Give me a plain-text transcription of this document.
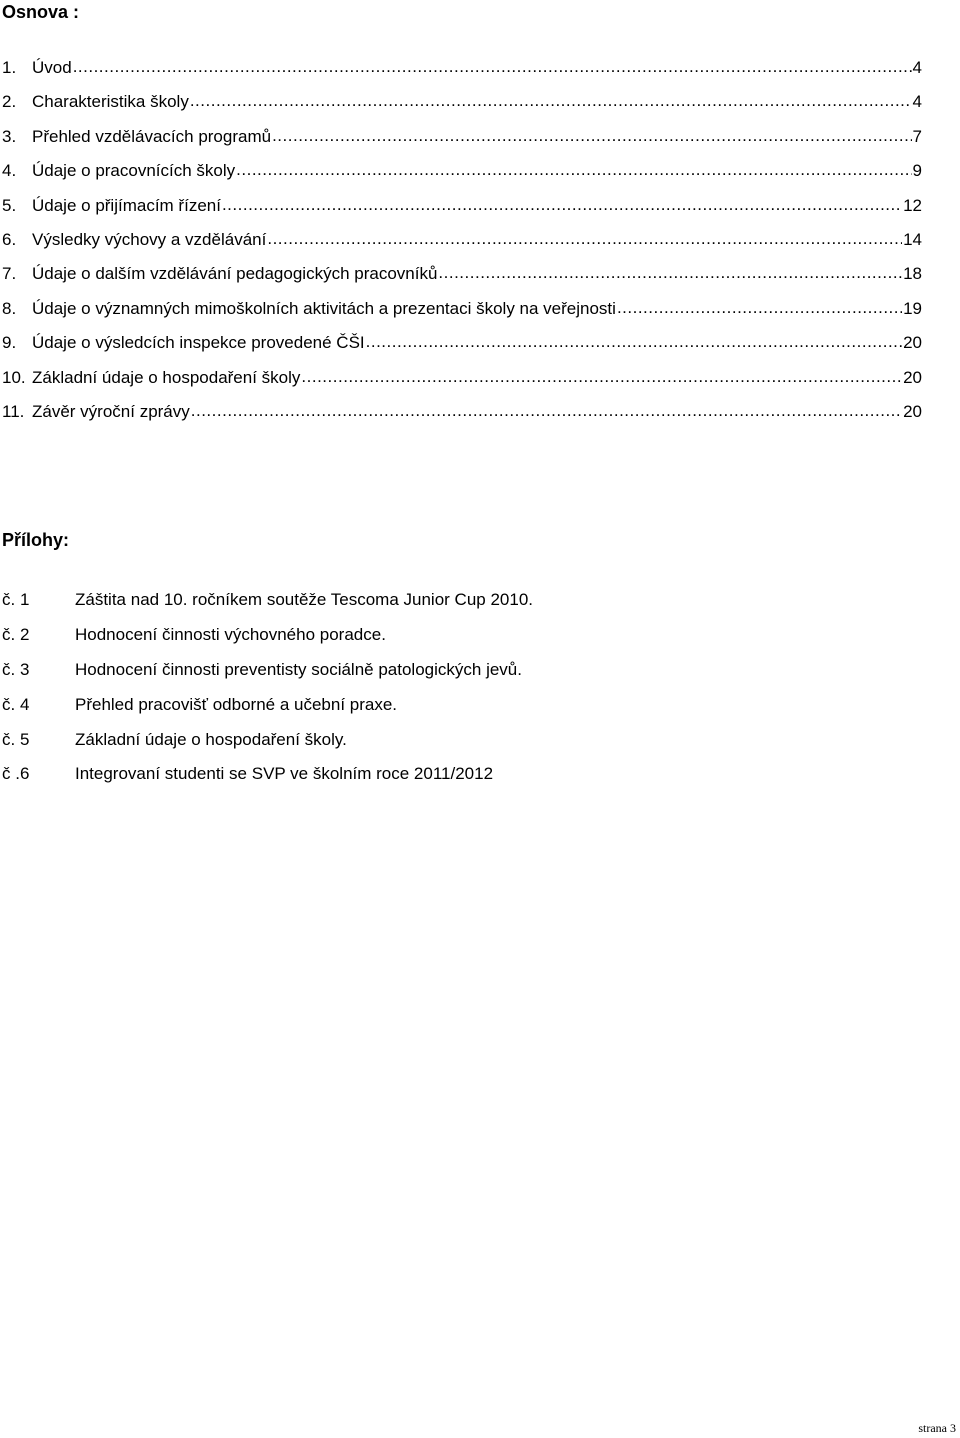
Osnova :
1. Úvod .....	4
2. Charakteristika školy .....	4
3. Přehled vzdělávacích programů .....	7
4. Údaje o pracovnících školy .....	9
5. Údaje o přijímacím řízení .....	12
6. Výsledky výchovy a vzdělávání .....	14
7. Údaje o dalším vzdělávání pedagogických pracovníků .....	18
8. Údaje o významných mimoškolních aktivitách a prezentaci školy na veřejnosti .....	19
9. Údaje o výsledcích inspekce provedené ČŠI .....	20
10. Základní údaje o hospodaření školy .....	20
11. Závěr výroční zprávy .....	20
Přílohy:
č. 1	Záštita nad 10. ročníkem soutěže Tescoma Junior Cup 2010.
č. 2	Hodnocení činnosti výchovného poradce.
č. 3	Hodnocení činnosti preventisty sociálně patologických jevů.
č. 4	Přehled pracovišť odborné a učební praxe.
č. 5	Základní údaje o hospodaření školy.
č .6	Integrovaní studenti se SVP ve školním roce 2011/2012
strana 3
